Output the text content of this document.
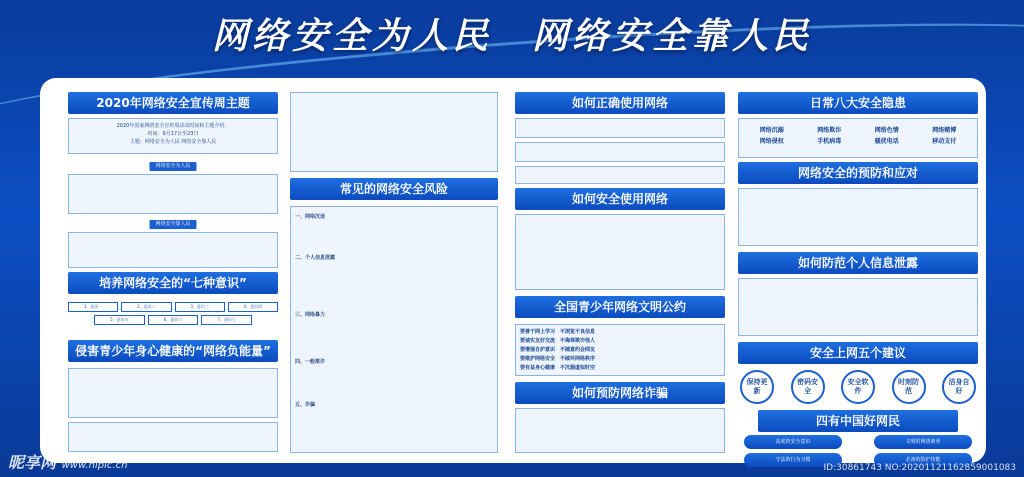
网络安全为人民　网络安全靠人民
2020年网络安全宣传周主题
2020年国家网络安全宣传周活动时间和主题介绍：
时间：9月17日至23日
主题：网络安全为人民 网络安全靠人民
网络安全为人民
网络安全靠人民
培养网络安全的“七种意识”
1、意识一	2、意识二	3、意识三	4、意识四
5、意识五	6、意识六	7、意识七
侵害青少年身心健康的“网络负能量”
常见的网络安全风险
一、网络沉迷
二、个人信息泄露
三、网络暴力
四、一般欺诈
五、诈骗
如何正确使用网络
如何安全使用网络
全国青少年网络文明公约
要善于网上学习　不浏览不良信息
要诚实友好交流　不侮辱欺诈他人
要增强自护意识　不随意约会网友
要维护网络安全　不破坏网络秩序
要有益身心健康　不沉溺虚拟时空
如何预防网络诈骗
日常八大安全隐患
网络沉溺	网络欺诈	网络色情	网络赌博
网络侵权	手机病毒	骚扰电话	移动支付
网络安全的预防和应对
如何防范个人信息泄露
安全上网五个建议
保持更新
密码安全
安全软件
时刻防范
洁身自好
四有中国好网民
高度的安全意识	文明的网络素养
守法的行为习惯	必备的防护技能
昵享网 www.nipic.cn	ID:30861743 NO:20201121162859001083
